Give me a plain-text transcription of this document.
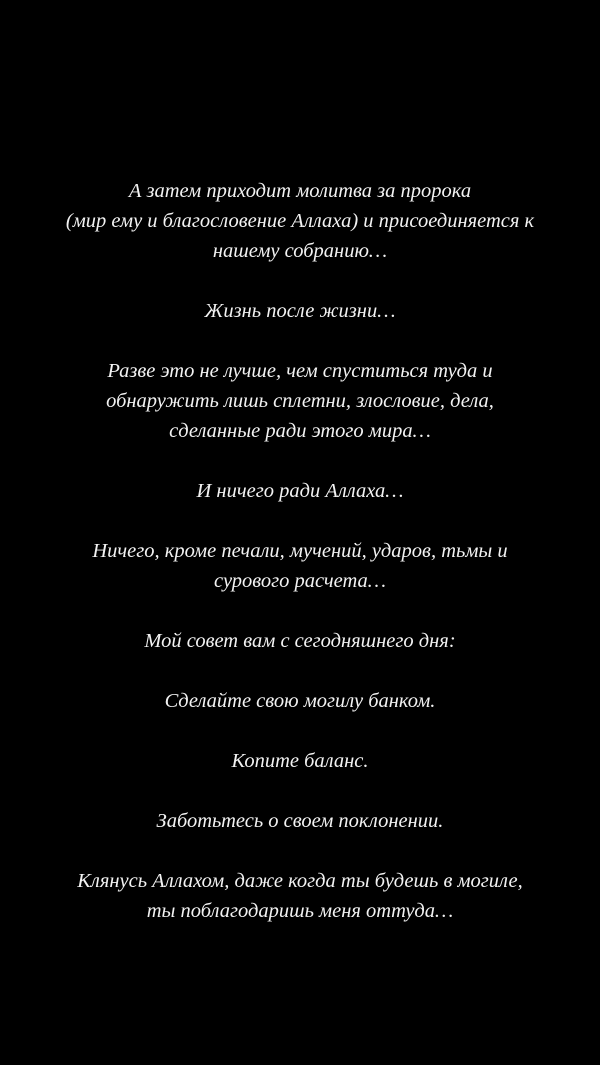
А затем приходит молитва за пророка
(мир ему и благословение Аллаха) и присоединяется к
нашему собранию…

Жизнь после жизни…

Разве это не лучше, чем спуститься туда и
обнаружить лишь сплетни, злословие, дела,
сделанные ради этого мира…

И ничего ради Аллаха…

Ничего, кроме печали, мучений, ударов, тьмы и
сурового расчета…

Мой совет вам с сегодняшнего дня:

Сделайте свою могилу банком.

Копите баланс.

Заботьтесь о своем поклонении.

Клянусь Аллахом, даже когда ты будешь в могиле,
ты поблагодаришь меня оттуда…
